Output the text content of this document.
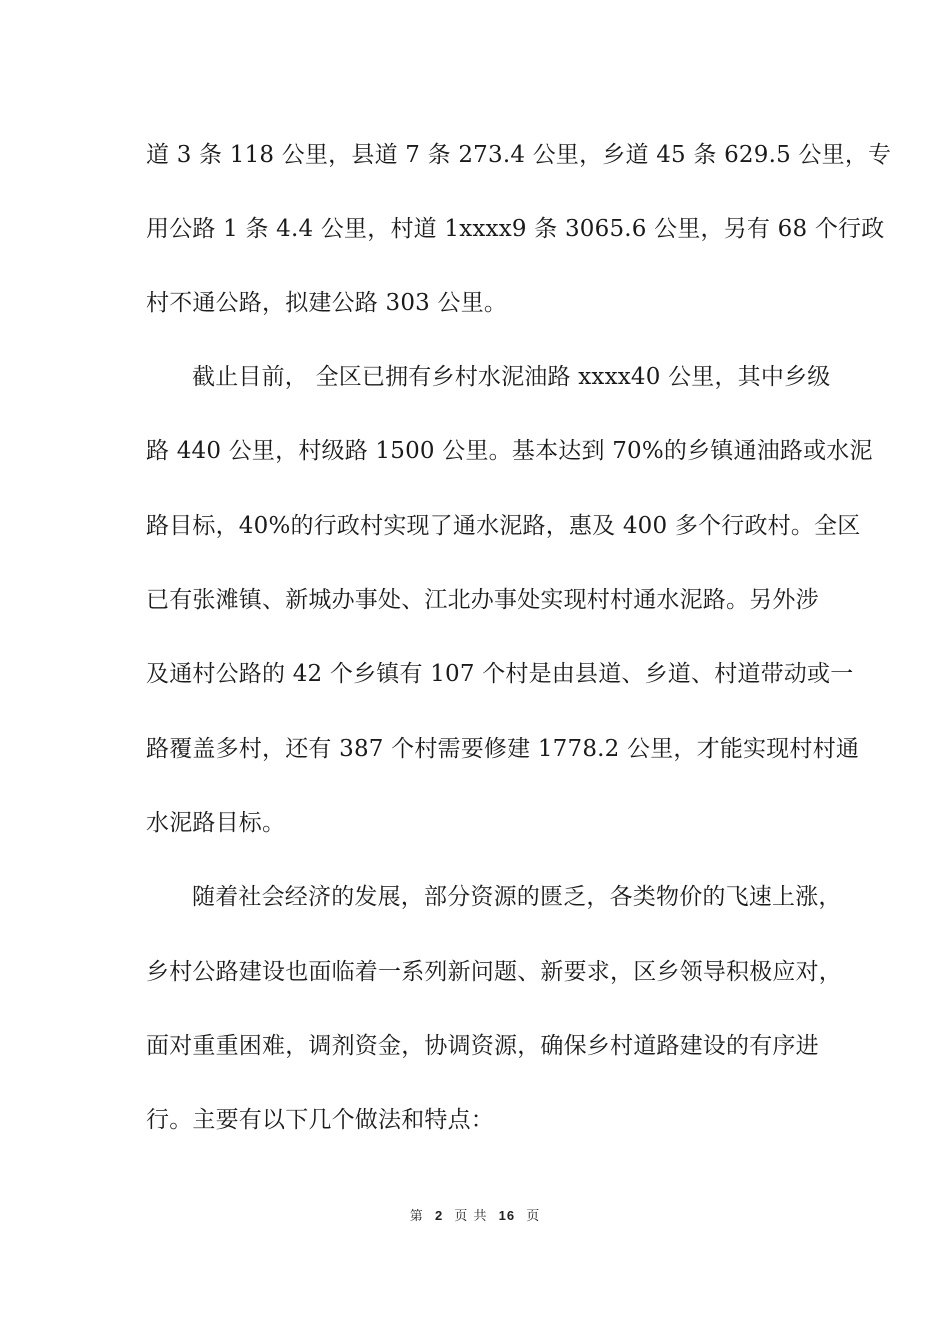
道 3 条 118 公里，县道 7 条 273.4 公里，乡道 45 条 629.5 公里，专
用公路 1 条 4.4 公里，村道 1xxxx9 条 3065.6 公里，另有 68 个行政
村不通公路，拟建公路 303 公里。
截止目前， 全区已拥有乡村水泥油路 xxxx40 公里，其中乡级
路 440 公里，村级路 1500 公里。基本达到 70%的乡镇通油路或水泥
路目标，40%的行政村实现了通水泥路，惠及 400 多个行政村。全区
已有张滩镇、新城办事处、江北办事处实现村村通水泥路。另外涉
及通村公路的 42 个乡镇有 107 个村是由县道、乡道、村道带动或一
路覆盖多村，还有 387 个村需要修建 1778.2 公里，才能实现村村通
水泥路目标。
随着社会经济的发展，部分资源的匮乏，各类物价的飞速上涨，
乡村公路建设也面临着一系列新问题、新要求，区乡领导积极应对，
面对重重困难，调剂资金，协调资源，确保乡村道路建设的有序进
行。主要有以下几个做法和特点：
第 2 页 共 16 页
